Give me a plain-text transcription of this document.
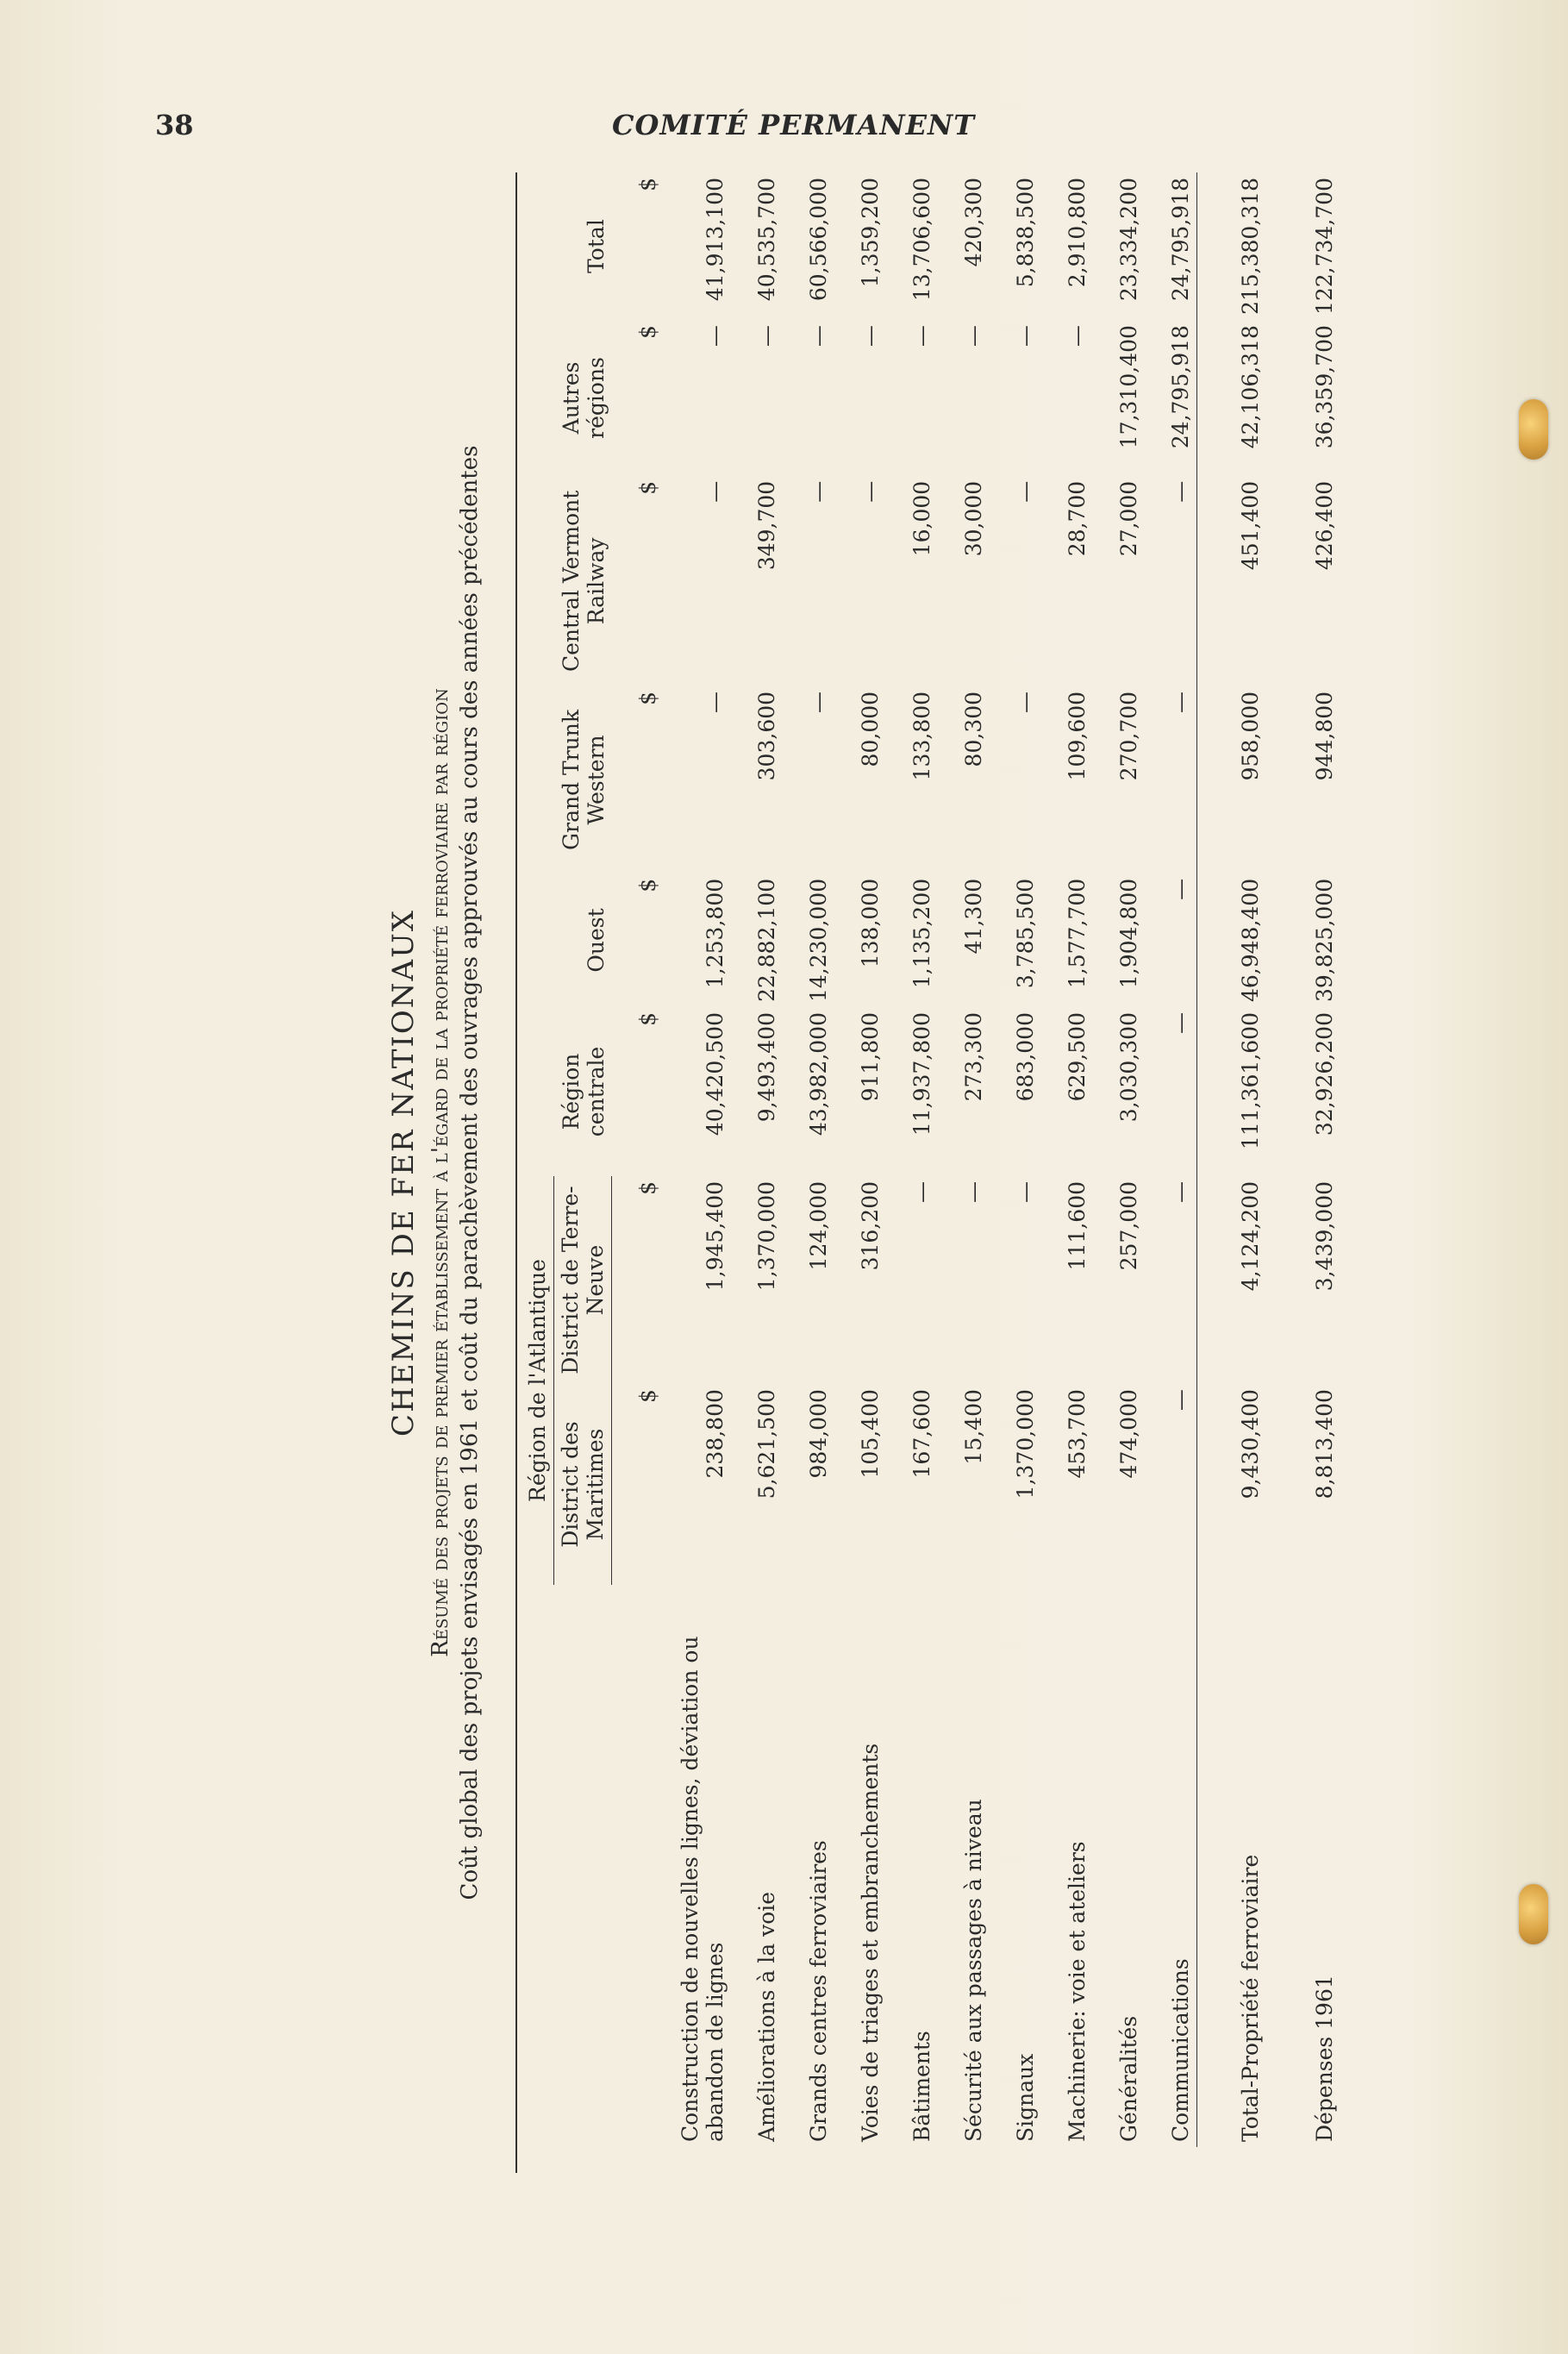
38	COMITÉ PERMANENT
CHEMINS DE FER NATIONAUX Résumé des projets de premier établissement à l'égard de la propriété ferroviaire par région Coût global des projets envisagés en 1961 et coût du parachèvement des ouvrages approuvés au cours des années précédentes
	Région de l'Atlantique		Région centrale	Ouest	Grand Trunk Western	Central Vermont Railway	Autres régions	Total
	District des Maritimes	District de Terre-Neuve						
	$	$	$	$	$	$	$	$
Construction de nouvelles lignes, déviation ou abandon de lignes	238,800	1,945,400	40,420,500	1,253,800	—	—	—	41,913,100
Améliorations à la voie	5,621,500	1,370,000	9,493,400	22,882,100	303,600	349,700	—	40,535,700
Grands centres ferroviaires	984,000	124,000	43,982,000	14,230,000	—	—	—	60,566,000
Voies de triages et embranchements	105,400	316,200	911,800	138,000	80,000	—	—	1,359,200
Bâtiments	167,600	—	11,937,800	1,135,200	133,800	16,000	—	13,706,600
Sécurité aux passages à niveau	15,400	—	273,300	41,300	80,300	30,000	—	420,300
Signaux	1,370,000	—	683,000	3,785,500	—	—	—	5,838,500
Machinerie: voie et ateliers	453,700	111,600	629,500	1,577,700	109,600	28,700	—	2,910,800
Généralités	474,000	257,000	3,030,300	1,904,800	270,700	27,000	17,310,400	23,334,200
Communications	—	—	—	—	—	—	24,795,918	24,795,918
Total-Propriété ferroviaire	9,430,400	4,124,200	111,361,600	46,948,400	958,000	451,400	42,106,318	215,380,318
Dépenses 1961	8,813,400	3,439,000	32,926,200	39,825,000	944,800	426,400	36,359,700	122,734,700
